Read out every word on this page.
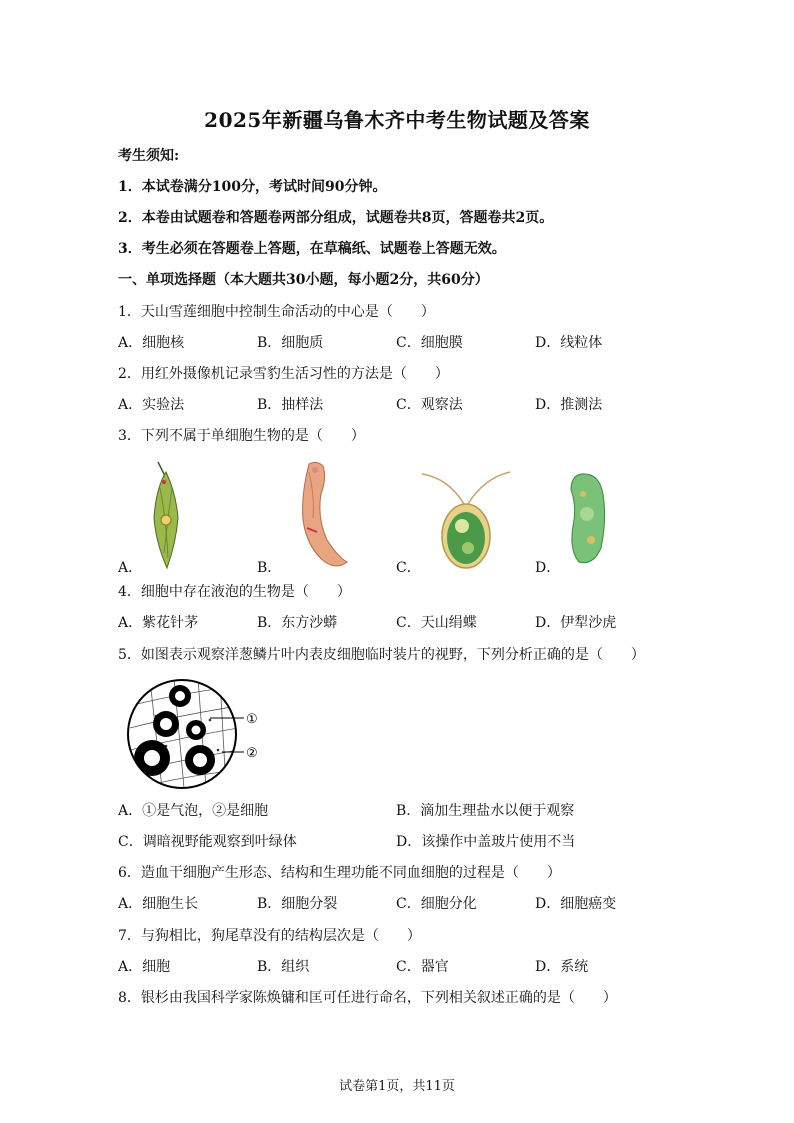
2025年新疆乌鲁木齐中考生物试题及答案
考生须知:
1．本试卷满分100分，考试时间90分钟。
2．本卷由试题卷和答题卷两部分组成，试题卷共8页，答题卷共2页。
3．考生必须在答题卷上答题，在草稿纸、试题卷上答题无效。
一、单项选择题（本大题共30小题，每小题2分，共60分）
1．天山雪莲细胞中控制生命活动的中心是（　　）
A．细胞核	B．细胞质	C．细胞膜	D．线粒体
2．用红外摄像机记录雪豹生活习性的方法是（　　）
A．实验法	B．抽样法	C．观察法	D．推测法
3．下列不属于单细胞生物的是（　　）
A．	B．	C．	D．
4．细胞中存在液泡的生物是（　　）
A．紫花针茅	B．东方沙蟒	C．天山绢蝶	D．伊犁沙虎
5．如图表示观察洋葱鳞片叶内表皮细胞临时装片的视野，下列分析正确的是（　　）
①
②
A．①是气泡，②是细胞	B．滴加生理盐水以便于观察
C．调暗视野能观察到叶绿体	D．该操作中盖玻片使用不当
6．造血干细胞产生形态、结构和生理功能不同血细胞的过程是（　　）
A．细胞生长	B．细胞分裂	C．细胞分化	D．细胞癌变
7．与狗相比，狗尾草没有的结构层次是（　　）
A．细胞	B．组织	C．器官	D．系统
8．银杉由我国科学家陈焕镛和匡可任进行命名，下列相关叙述正确的是（　　）
试卷第1页，共11页
